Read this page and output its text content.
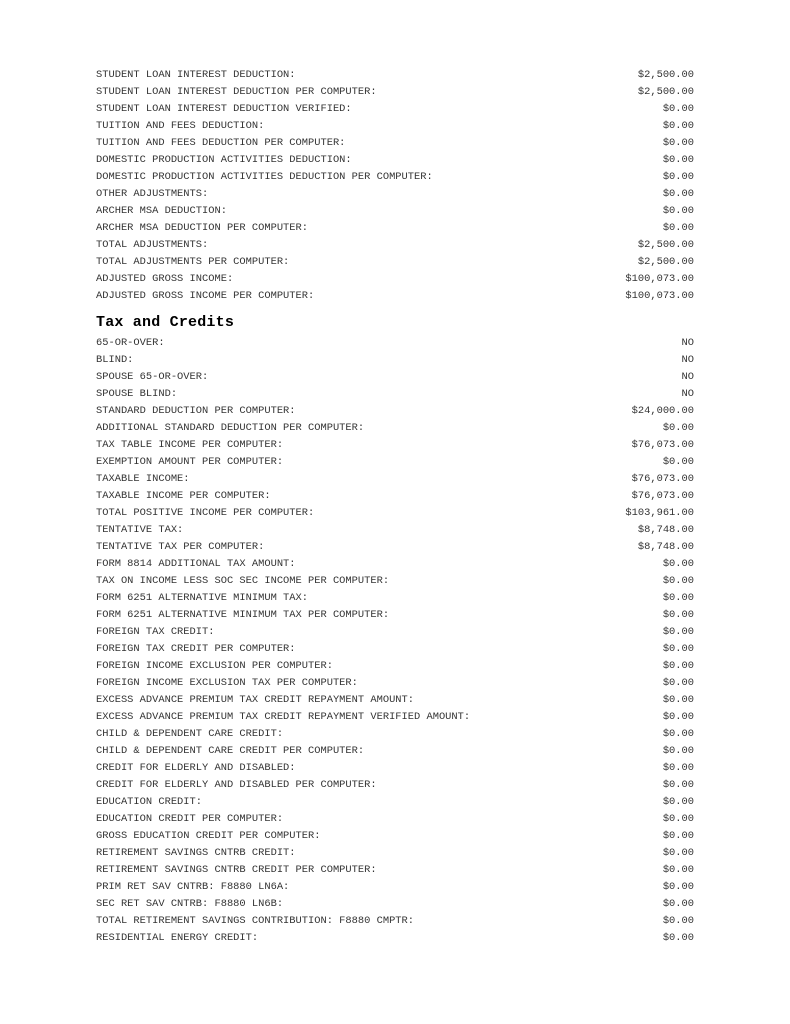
STUDENT LOAN INTEREST DEDUCTION:	$2,500.00
STUDENT LOAN INTEREST DEDUCTION PER COMPUTER:	$2,500.00
STUDENT LOAN INTEREST DEDUCTION VERIFIED:	$0.00
TUITION AND FEES DEDUCTION:	$0.00
TUITION AND FEES DEDUCTION PER COMPUTER:	$0.00
DOMESTIC PRODUCTION ACTIVITIES DEDUCTION:	$0.00
DOMESTIC PRODUCTION ACTIVITIES DEDUCTION PER COMPUTER:	$0.00
OTHER ADJUSTMENTS:	$0.00
ARCHER MSA DEDUCTION:	$0.00
ARCHER MSA DEDUCTION PER COMPUTER:	$0.00
TOTAL ADJUSTMENTS:	$2,500.00
TOTAL ADJUSTMENTS PER COMPUTER:	$2,500.00
ADJUSTED GROSS INCOME:	$100,073.00
ADJUSTED GROSS INCOME PER COMPUTER:	$100,073.00
Tax and Credits
65-OR-OVER:	NO
BLIND:	NO
SPOUSE 65-OR-OVER:	NO
SPOUSE BLIND:	NO
STANDARD DEDUCTION PER COMPUTER:	$24,000.00
ADDITIONAL STANDARD DEDUCTION PER COMPUTER:	$0.00
TAX TABLE INCOME PER COMPUTER:	$76,073.00
EXEMPTION AMOUNT PER COMPUTER:	$0.00
TAXABLE INCOME:	$76,073.00
TAXABLE INCOME PER COMPUTER:	$76,073.00
TOTAL POSITIVE INCOME PER COMPUTER:	$103,961.00
TENTATIVE TAX:	$8,748.00
TENTATIVE TAX PER COMPUTER:	$8,748.00
FORM 8814 ADDITIONAL TAX AMOUNT:	$0.00
TAX ON INCOME LESS SOC SEC INCOME PER COMPUTER:	$0.00
FORM 6251 ALTERNATIVE MINIMUM TAX:	$0.00
FORM 6251 ALTERNATIVE MINIMUM TAX PER COMPUTER:	$0.00
FOREIGN TAX CREDIT:	$0.00
FOREIGN TAX CREDIT PER COMPUTER:	$0.00
FOREIGN INCOME EXCLUSION PER COMPUTER:	$0.00
FOREIGN INCOME EXCLUSION TAX PER COMPUTER:	$0.00
EXCESS ADVANCE PREMIUM TAX CREDIT REPAYMENT AMOUNT:	$0.00
EXCESS ADVANCE PREMIUM TAX CREDIT REPAYMENT VERIFIED AMOUNT:	$0.00
CHILD & DEPENDENT CARE CREDIT:	$0.00
CHILD & DEPENDENT CARE CREDIT PER COMPUTER:	$0.00
CREDIT FOR ELDERLY AND DISABLED:	$0.00
CREDIT FOR ELDERLY AND DISABLED PER COMPUTER:	$0.00
EDUCATION CREDIT:	$0.00
EDUCATION CREDIT PER COMPUTER:	$0.00
GROSS EDUCATION CREDIT PER COMPUTER:	$0.00
RETIREMENT SAVINGS CNTRB CREDIT:	$0.00
RETIREMENT SAVINGS CNTRB CREDIT PER COMPUTER:	$0.00
PRIM RET SAV CNTRB: F8880 LN6A:	$0.00
SEC RET SAV CNTRB: F8880 LN6B:	$0.00
TOTAL RETIREMENT SAVINGS CONTRIBUTION: F8880 CMPTR:	$0.00
RESIDENTIAL ENERGY CREDIT:	$0.00
